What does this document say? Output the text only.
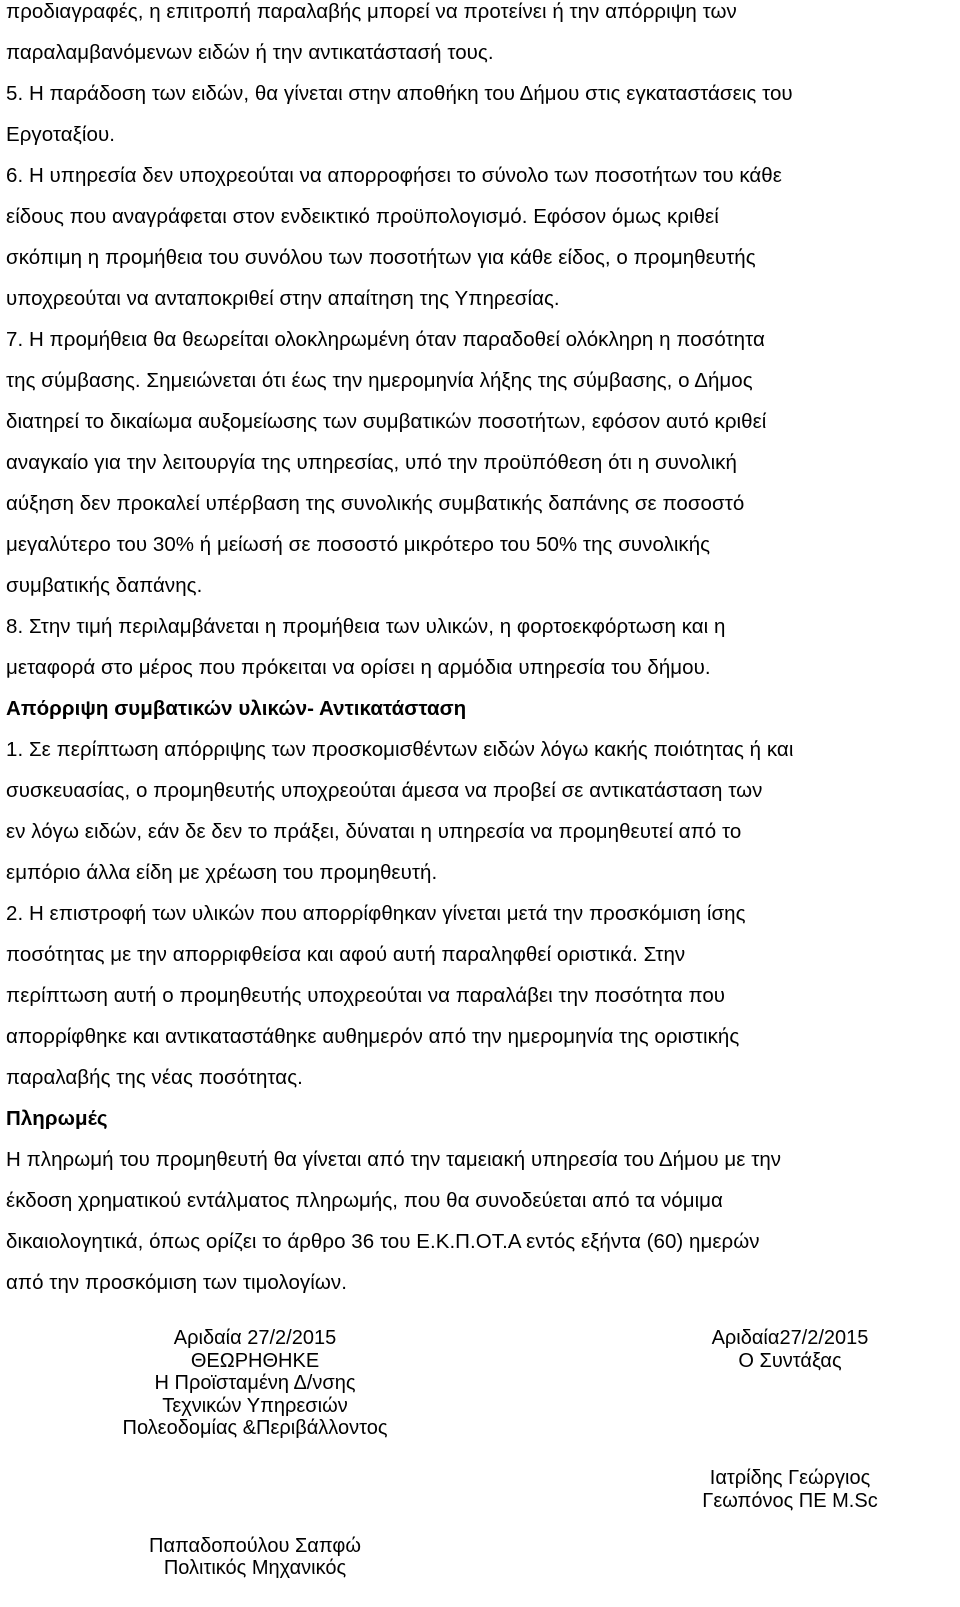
προδιαγραφές, η επιτροπή παραλαβής μπορεί να προτείνει ή την απόρριψη των
παραλαμβανόμενων ειδών ή την αντικατάστασή τους.
5. Η παράδοση των ειδών, θα γίνεται στην αποθήκη του Δήμου στις εγκαταστάσεις του
Εργοταξίου.
6. Η υπηρεσία δεν υποχρεούται να απορροφήσει το σύνολο των ποσοτήτων του κάθε
είδους που αναγράφεται στον ενδεικτικό προϋπολογισμό. Εφόσον όμως κριθεί
σκόπιμη η προμήθεια του συνόλου των ποσοτήτων για κάθε είδος, ο προμηθευτής
υποχρεούται να ανταποκριθεί στην απαίτηση της Υπηρεσίας.
7. Η προμήθεια θα θεωρείται ολοκληρωμένη όταν παραδοθεί ολόκληρη η ποσότητα
της σύμβασης. Σημειώνεται ότι έως την ημερομηνία λήξης της σύμβασης, ο Δήμος
διατηρεί το δικαίωμα αυξομείωσης των συμβατικών ποσοτήτων, εφόσον αυτό κριθεί
αναγκαίο για την λειτουργία της υπηρεσίας, υπό την προϋπόθεση ότι η συνολική
αύξηση δεν προκαλεί υπέρβαση της συνολικής συμβατικής δαπάνης σε ποσοστό
μεγαλύτερο του 30% ή μείωσή σε ποσοστό μικρότερο του 50% της συνολικής
συμβατικής δαπάνης.
8. Στην τιμή περιλαμβάνεται η προμήθεια των υλικών, η φορτοεκφόρτωση και η
μεταφορά στο μέρος που πρόκειται να ορίσει η αρμόδια υπηρεσία του δήμου.
Απόρριψη συμβατικών υλικών- Αντικατάσταση
1. Σε περίπτωση απόρριψης των προσκομισθέντων ειδών λόγω κακής ποιότητας ή και
συσκευασίας, ο προμηθευτής υποχρεούται άμεσα να προβεί σε αντικατάσταση των
εν λόγω ειδών, εάν δε δεν το πράξει, δύναται η υπηρεσία να προμηθευτεί από το
εμπόριο άλλα είδη με χρέωση του προμηθευτή.
2. Η επιστροφή των υλικών που απορρίφθηκαν γίνεται μετά την προσκόμιση ίσης
ποσότητας με την απορριφθείσα και αφού αυτή παραληφθεί οριστικά. Στην
περίπτωση αυτή ο προμηθευτής υποχρεούται να παραλάβει την ποσότητα που
απορρίφθηκε και αντικαταστάθηκε αυθημερόν από την ημερομηνία της οριστικής
παραλαβής της νέας ποσότητας.
Πληρωμές
Η πληρωμή του προμηθευτή θα γίνεται από την ταμειακή υπηρεσία του Δήμου με την
έκδοση χρηματικού εντάλματος πληρωμής, που θα συνοδεύεται από τα νόμιμα
δικαιολογητικά, όπως ορίζει το άρθρο 36 του Ε.Κ.Π.ΟΤ.Α εντός εξήντα (60) ημερών
από την προσκόμιση των τιμολογίων.
Αριδαία 27/2/2015
ΘΕΩΡΗΘΗΚΕ
Η Προϊσταμένη Δ/νσης
Τεχνικών Υπηρεσιών
Πολεοδομίας &Περιβάλλοντος
Παπαδοπούλου Σαπφώ
Πολιτικός Μηχανικός
Αριδαία27/2/2015
Ο Συντάξας
Ιατρίδης Γεώργιος
Γεωπόνος ΠΕ Μ.Sc
